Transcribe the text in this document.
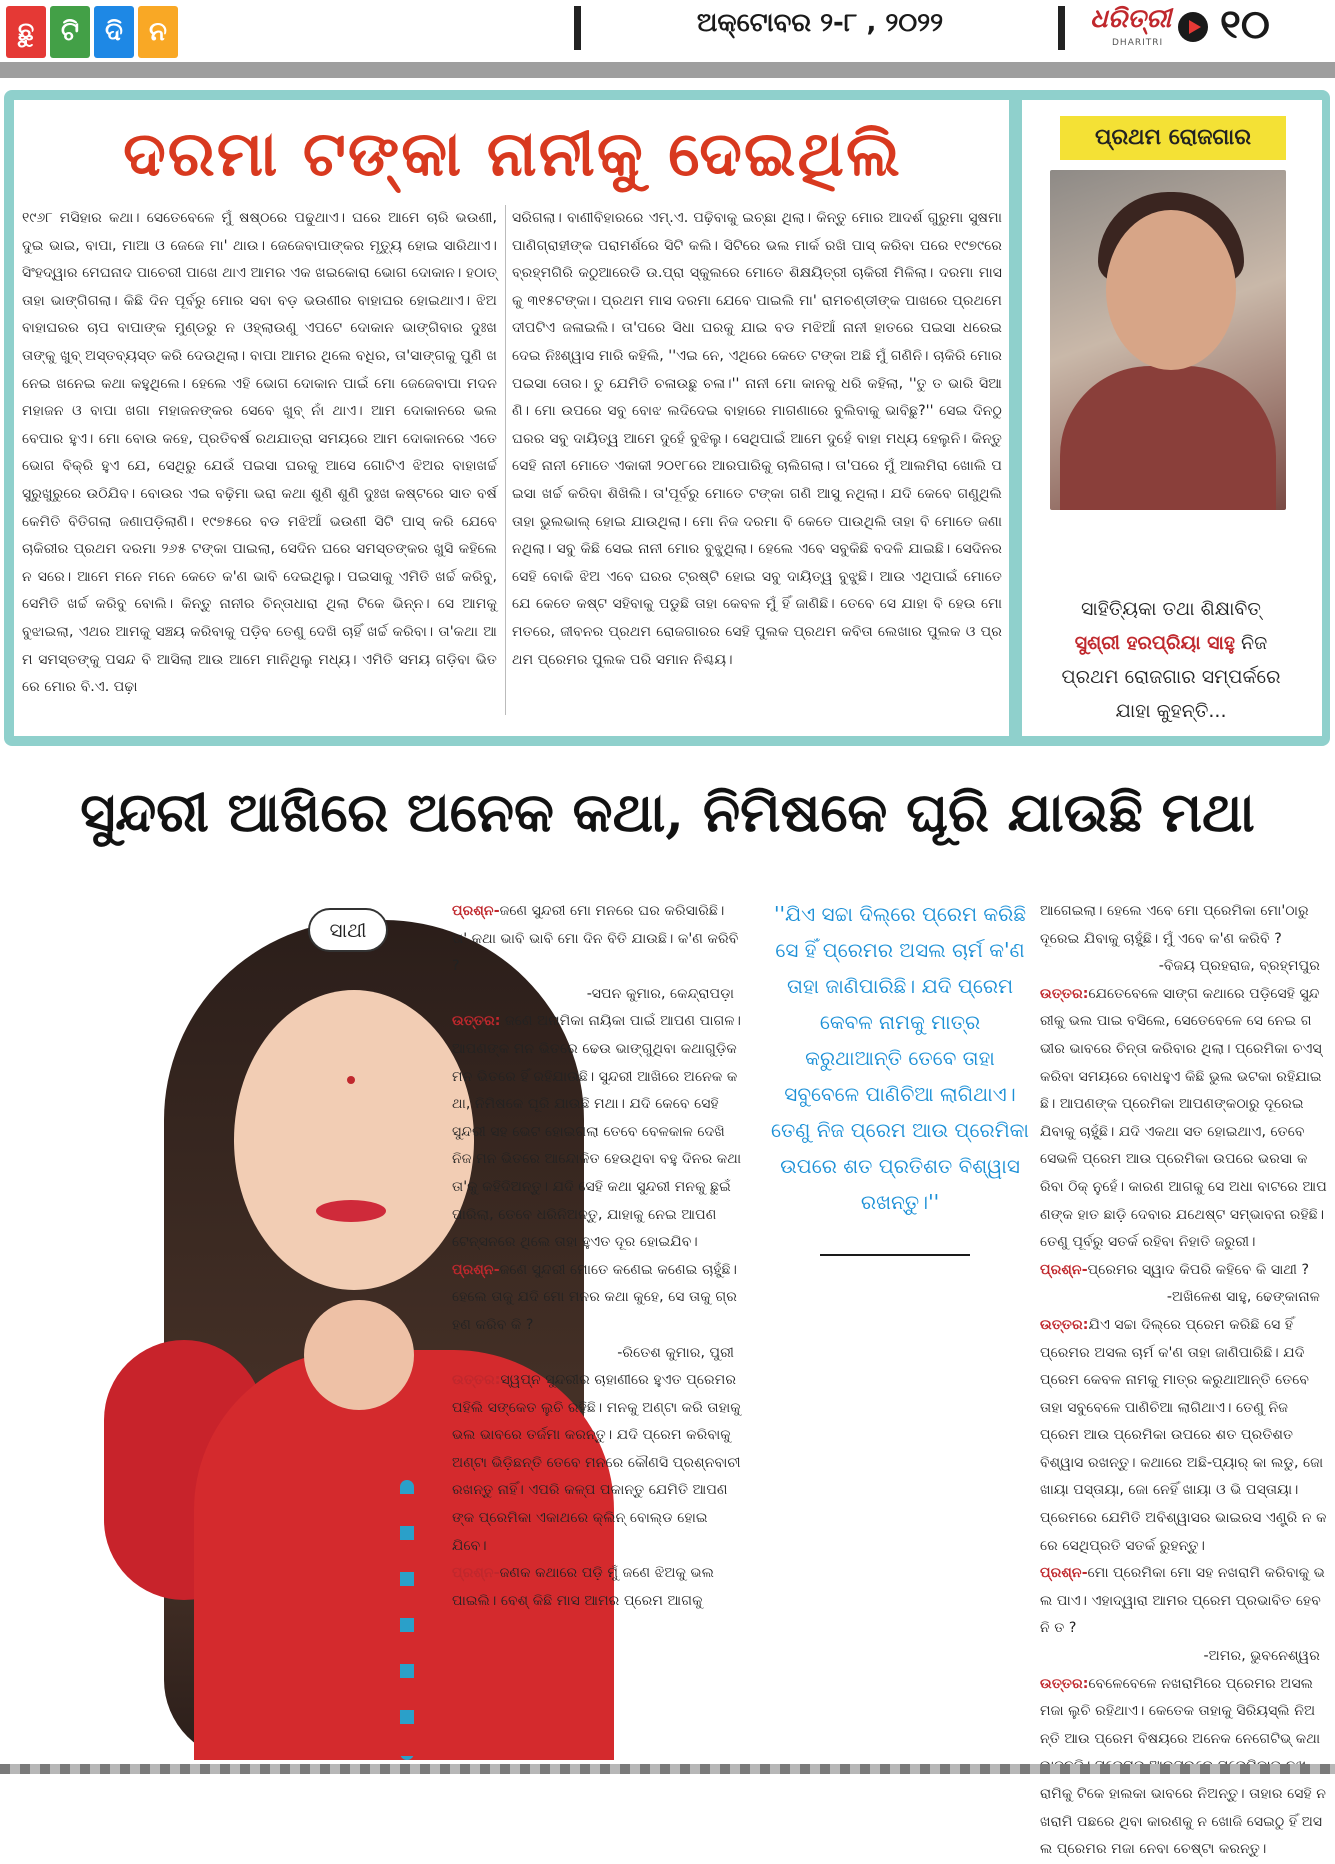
ଛୁ	ଟି	ଦି	ନ	ଅକ୍ଟୋବର ୨-୮ , ୨୦୨୨	ଧରିତ୍ରୀ
DHARITRI ୧୦
ଦରମା ଟଙ୍କା ନାନୀକୁ ଦେଇଥିଲି
୧୯୬୮ ମସିହାର କଥା। ସେତେବେଳେ ମୁଁ ଷଷ୍ଠରେ ପଢୁଥାଏ। ଘରେ ଆମେ ଚାରି ଭଉଣୀ, ଦୁଇ ଭାଇ, ବାପା, ମାଆ ଓ ଜେଜେ ମା' ଥାଉ। ଜେଜେବାପାଙ୍କର ମୃତ୍ୟୁ ହୋଇ ସାରିଥାଏ। ସିଂହଦ୍ୱାର ମେଘନାଦ ପାଚେରୀ ପାଖେ ଥାଏ ଆମର ଏକ ଖଇକୋରା ଭୋଗ ଦୋକାନ। ହଠାତ୍ ତାହା ଭାଙ୍ଗିଗଲା। କିଛି ଦିନ ପୂର୍ବରୁ ମୋର ସବା ବଡ଼ ଭଉଣୀର ବାହାଘର ହୋଇଥାଏ। ଝିଅ ବାହାଘରର ଚାପ ବାପାଙ୍କ ମୁଣ୍ଡରୁ ନ ଓହ୍ଲାଉଣୁ ଏପଟେ ଦୋକାନ ଭାଙ୍ଗିବାର ଦୁଃଖ ତାଙ୍କୁ ଖୁବ୍ ଅସ୍ତବ୍ୟସ୍ତ କରି ଦେଉଥିଲା। ବାପା ଆମର ଥିଲେ ବଧିର, ତା'ସାଙ୍ଗକୁ ପୁଣି ଖନେଇ ଖନେଇ କଥା କହୁଥିଲେ। ହେଲେ ଏହି ଭୋଗ ଦୋକାନ ପାଇଁ ମୋ ଜେଜେବାପା ମଦନ ମହାଜନ ଓ ବାପା ଖଗା ମହାଜନଙ୍କର ସେବେ ଖୁବ୍ ନାଁ ଥାଏ। ଆମ ଦୋକାନରେ ଭଲ ବେପାର ହୁଏ। ମୋ ବୋଉ କହେ, ପ୍ରତିବର୍ଷ ରଥଯାତ୍ରା ସମୟରେ ଆମ ଦୋକାନରେ ଏତେ ଭୋଗ ବିକ୍ରି ହୁଏ ଯେ, ସେଥିରୁ ଯେଉଁ ପଇସା ଘରକୁ ଆସେ ଗୋଟିଏ ଝିଅର ବାହାଖର୍ଚ୍ଚ ସୁରୁଖୁରୁରେ ଉଠିଯିବ। ବୋଉର ଏଇ ବଢ଼ିମା ଭରା କଥା ଶୁଣି ଶୁଣି ଦୁଃଖ କଷ୍ଟରେ ସାତ ବର୍ଷ କେମିତି ବିତିଗଲା ଜଣାପଡ଼ିଲାଣି। ୧୯୭୫ରେ ବଡ ମଝିଆଁ ଭଉଣୀ ସିଟି ପାସ୍ କରି ଯେବେ ଚାକିରୀର ପ୍ରଥମ ଦରମା ୨୬୫ ଟଙ୍କା ପାଇଲା, ସେଦିନ ଘରେ ସମସ୍ତଙ୍କର ଖୁସି କହିଲେ ନ ସରେ। ଆମେ ମନେ ମନେ କେତେ କ'ଣ ଭାବି ଦେଇଥିଲୁ। ପଇସାକୁ ଏମିତି ଖର୍ଚ୍ଚ କରିବୁ, ସେମିତି ଖର୍ଚ୍ଚ କରିବୁ ବୋଲି। କିନ୍ତୁ ନାନୀର ଚିନ୍ତାଧାରା ଥିଲା ଟିକେ ଭିନ୍ନ। ସେ ଆମକୁ ବୁଝାଇଲା, ଏଥର ଆମକୁ ସଞ୍ଚୟ କରିବାକୁ ପଡ଼ିବ ତେଣୁ ଦେଖି ଚାହିଁ ଖର୍ଚ୍ଚ କରିବା। ତା'କଥା ଆମ ସମସ୍ତଙ୍କୁ ପସନ୍ଦ ବି ଆସିଲା ଆଉ ଆମେ ମାନିଥିଲୁ ମଧ୍ୟ। ଏମିତି ସମୟ ଗଡ଼ିବା ଭିତରେ ମୋର ବି.ଏ. ପଢ଼ା
ସରିଗଲା। ବାଣୀବିହାରରେ ଏମ୍.ଏ. ପଢ଼ିବାକୁ ଇଚ୍ଛା ଥିଲା। କିନ୍ତୁ ମୋର ଆଦର୍ଶ ଗୁରୁମା ସୁଷମା ପାଣିଗ୍ରାହୀଙ୍କ ପରାମର୍ଶରେ ସିଟି କଲି। ସିଟିରେ ଭଲ ମାର୍କ ରଖି ପାସ୍ କରିବା ପରେ ୧୯୭୯ରେ ବ୍ରହ୍ମଗିରି କଠୁଆରେଡି ଉ.ପ୍ରା ସ୍କୁଲରେ ମୋତେ ଶିକ୍ଷୟିତ୍ରୀ ଚାକିରୀ ମିଳିଲା। ଦରମା ମାସକୁ ୩୧୫ଟଙ୍କା। ପ୍ରଥମ ମାସ ଦରମା ଯେବେ ପାଇଲି ମା' ରାମଚଣ୍ଡୀଙ୍କ ପାଖରେ ପ୍ରଥମେ ଦୀପଟିଏ ଜଳାଇଲି। ତା'ପରେ ସିଧା ଘରକୁ ଯାଇ ବଡ ମଝିଆଁ ନାନୀ ହାତରେ ପଇସା ଧରେଇ ଦେଇ ନିଃଶ୍ୱାସ ମାରି କହିଲି, ''ଏଇ ନେ, ଏଥିରେ କେତେ ଟଙ୍କା ଅଛି ମୁଁ ଗଣିନି। ଚାକିରି ମୋର ପଇସା ତୋର। ତୁ ଯେମିତି ଚଳାଉଛୁ ଚଳା।'' ନାନୀ ମୋ କାନକୁ ଧରି କହିଲା, ''ତୁ ତ ଭାରି ସିଆଣି। ମୋ ଉପରେ ସବୁ ବୋଝ ଲଦିଦେଇ ବାହାରେ ମାଗଣାରେ ବୁଲିବାକୁ ଭାବିଛୁ?'' ସେଇ ଦିନଠୁ ଘରର ସବୁ ଦାୟିତ୍ୱ ଆମେ ଦୁହେଁ ବୁଝିଲୁ। ସେଥିପାଇଁ ଆମେ ଦୁହେଁ ବାହା ମଧ୍ୟ ହେଲୁନି। କିନ୍ତୁ ସେହି ନାନୀ ମୋତେ ଏକାକୀ ୨୦୧୮ରେ ଆରପାରିକୁ ଚାଲିଗଲା। ତା'ପରେ ମୁଁ ଆଲମିରା ଖୋଲି ପଇସା ଖର୍ଚ୍ଚ କରିବା ଶିଖିଲି। ତା'ପୂର୍ବରୁ ମୋତେ ଟଙ୍କା ଗଣି ଆସୁ ନଥିଲା। ଯଦି କେବେ ଗଣୁଥିଲି ତାହା ଭୁଲଭାଲ୍ ହୋଇ ଯାଉଥିଲା। ମୋ ନିଜ ଦରମା ବି କେତେ ପାଉଥିଲି ତାହା ବି ମୋତେ ଜଣା ନଥିଲା। ସବୁ କିଛି ସେଇ ନାନୀ ମୋର ବୁଝୁଥିଲା। ହେଲେ ଏବେ ସବୁକିଛି ବଦଳି ଯାଇଛି। ସେଦିନର ସେହି ବୋକି ଝିଅ ଏବେ ଘରର ଟ୍ରଷ୍ଟି ହୋଇ ସବୁ ଦାୟିତ୍ୱ ବୁଝୁଛି। ଆଉ ଏଥିପାଇଁ ମୋତେ ଯେ କେତେ କଷ୍ଟ ସହିବାକୁ ପଡୁଛି ତାହା କେବଳ ମୁଁ ହିଁ ଜାଣିଛି। ତେବେ ସେ ଯାହା ବି ହେଉ ମୋ ମତରେ, ଜୀବନର ପ୍ରଥମ ରୋଜଗାରର ସେହି ପୁଲକ ପ୍ରଥମ କବିତା ଲେଖାର ପୁଲକ ଓ ପ୍ରଥମ ପ୍ରେମର ପୁଲକ ପରି ସମାନ ନିଶ୍ଚୟ।
ପ୍ରଥମ ରୋଜଗାର
ସାହିତ୍ୟିକା ତଥା ଶିକ୍ଷାବିତ୍
ସୁଶ୍ରୀ ହରପ୍ରିୟା ସାହୁ ନିଜ ପ୍ରଥମ ରୋଜଗାର ସମ୍ପର୍କରେ ଯାହା କୁହନ୍ତି...
ସୁନ୍ଦରୀ ଆଖିରେ ଅନେକ କଥା, ନିମିଷକେ ଘୂରି ଯାଉଛି ମଥା
ସାଥୀ

ପ୍ରଶ୍ନ-ଜଣେ ସୁନ୍ଦରୀ ମୋ ମନରେ ଘର କରିସାରିଛି। ତା' କଥା ଭାବି ଭାବି ମୋ ଦିନ ବିତି ଯାଉଛି। କ'ଣ କରିବି ?

-ସପନ କୁମାର, କେନ୍ଦ୍ରାପଡ଼ା

ଉତ୍ତର: ଜଣେ ଅନାମିକା ନାୟିକା ପାଇଁ ଆପଣ ପାଗଳ। ଆପଣଙ୍କ ମନ ଭିତରେ ଢେଉ ଭାଙ୍ଗୁଥିବା କଥାଗୁଡ଼ିକ ମନ ଭିତରେ ହିଁ ରହିଯାଉଛି। ସୁନ୍ଦରୀ ଆଖିରେ ଅନେକ କଥା, ନିମିଷକେ ଘୂରି ଯାଉଛି ମଥା। ଯଦି କେବେ ସେହି ସୁନ୍ଦରୀ ସହ ଭେଟ ହୋଇଗଲା ତେବେ ବେଳକାଳ ଦେଖି ନିଜ ମନ ଭିତରେ ଆନ୍ଦୋଳିତ ହେଉଥିବା ବହୁ ଦିନର କଥା ତା'କୁ କହିଦିଅନ୍ତୁ। ଯଦି ସେହି କଥା ସୁନ୍ଦରୀ ମନକୁ ଛୁଇଁ ପାରିଲା, ତେବେ ଧରିନିଅନ୍ତୁ, ଯାହାକୁ ନେଇ ଆପଣ ଟେନ୍‌ସନରେ ଥିଲେ ତାହା ହୁଏତ ଦୂର ହୋଇଯିବ।

ପ୍ରଶ୍ନ-ଜଣେ ସୁନ୍ଦରୀ ମୋତେ କଣେଇ କଣେଇ ଚାହୁଁଛି। ହେଲେ ତାକୁ ଯଦି ମୋ ମନର କଥା କୁହେ, ସେ ତାକୁ ଗ୍ରହଣ କରିବ କି ?

-ରିତେଶ କୁମାର, ପୁରୀ

ଉତ୍ତର:ସ୍ୱପ୍ନ ସୁନ୍ଦରୀର ଚାହାଣୀରେ ହୁଏତ ପ୍ରେମର ପହିଲି ସଙ୍କେତ ଲୁଚି ରହିଛି। ମନକୁ ଅଣ୍ଟା କରି ତାହାକୁ ଭଲ ଭାବରେ ତର୍ଜମା କରନ୍ତୁ। ଯଦି ପ୍ରେମ କରିବାକୁ ଅଣ୍ଟା ଭିଡ଼ିଛନ୍ତି ତେବେ ମନରେ କୌଣସି ପ୍ରଶ୍ନବାଚୀ ରଖନ୍ତୁ ନାହିଁ। ଏପରି କଳ୍ପ ପକାନ୍ତୁ ଯେମିତି ଆପଣଙ୍କ ପ୍ରେମିକା ଏକାଥରେ କ୍ଲିନ୍ ବୋଲ୍ଡ ହୋଇଯିବେ।

ପ୍ରଶ୍ନ-ଜଣକ କଥାରେ ପଡ଼ି ମୁଁ ଜଣେ ଝିଅକୁ ଭଲ ପାଇଲି। ବେଶ୍ କିଛି ମାସ ଆମର ପ୍ରେମ ଆଗକୁ

''ଯିଏ ସଚ୍ଚା ଦିଲ୍‌ରେ ପ୍ରେମ କରିଛି ସେ ହିଁ ପ୍ରେମର ଅସଲ ଚାର୍ମ କ'ଣ ତାହା ଜାଣିପାରିଛି। ଯଦି ପ୍ରେମ କେବଳ ନାମକୁ ମାତ୍ର କରୁଥାଆନ୍ତି ତେବେ ତାହା ସବୁବେଳେ ପାଣିଚିଆ ଲାଗିଥାଏ। ତେଣୁ ନିଜ ପ୍ରେମ ଆଉ ପ୍ରେମିକା ଉପରେ ଶତ ପ୍ରତିଶତ ବିଶ୍ୱାସ ରଖନ୍ତୁ।''

ଆଗେଇଲା। ହେଲେ ଏବେ ମୋ ପ୍ରେମିକା ମୋ'ଠାରୁ ଦୂରେଇ ଯିବାକୁ ଚାହୁଁଛି। ମୁଁ ଏବେ କ'ଣ କରିବି ?

-ବିଜୟ ପ୍ରହରାଜ, ବ୍ରହ୍ମପୁର

ଉତ୍ତର:ଯେତେବେଳେ ସାଙ୍ଗ କଥାରେ ପଡ଼ିସେହି ସୁନ୍ଦରୀକୁ ଭଲ ପାଇ ବସିଲେ, ସେତେବେଳେ ସେ ନେଇ ଗଭୀର ଭାବରେ ଚିନ୍ତା କରିବାର ଥିଲା। ପ୍ରେମିକା ଚଏସ୍ କରିବା ସମୟରେ ବୋଧହୁଏ କିଛି ଭୁଲ ଭଟକା ରହିଯାଇଛି। ଆପଣଙ୍କ ପ୍ରେମିକା ଆପଣଙ୍କଠାରୁ ଦୂରେଇ ଯିବାକୁ ଚାହୁଁଛି। ଯଦି ଏକଥା ସତ ହୋଇଥାଏ, ତେବେ ସେଭଳି ପ୍ରେମ ଆଉ ପ୍ରେମିକା ଉପରେ ଭରସା କରିବା ଠିକ୍ ନୁହେଁ। କାରଣ ଆଗକୁ ସେ ଅଧା ବାଟରେ ଆପଣଙ୍କ ହାତ ଛାଡ଼ି ଦେବାର ଯଥେଷ୍ଟ ସମ୍ଭାବନା ରହିଛି। ତେଣୁ ପୂର୍ବରୁ ସତର୍କ ରହିବା ନିହାତି ଜରୁରୀ।

ପ୍ରଶ୍ନ-ପ୍ରେମର ସ୍ୱାଦ କିପରି କହିବେ କି ସାଥୀ ?

-ଅଖିଳେଶ ସାହୁ, ଢେଙ୍କାନାଳ

ଉତ୍ତର:ଯିଏ ସଚ୍ଚା ଦିଲ୍‌ରେ ପ୍ରେମ କରିଛି ସେ ହିଁ ପ୍ରେମର ଅସଲ ଚାର୍ମ କ'ଣ ତାହା ଜାଣିପାରିଛି। ଯଦି ପ୍ରେମ କେବଳ ନାମକୁ ମାତ୍ର କରୁଥାଆନ୍ତି ତେବେ ତାହା ସବୁବେଳେ ପାଣିଚିଆ ଲାଗିଥାଏ। ତେଣୁ ନିଜ ପ୍ରେମ ଆଉ ପ୍ରେମିକା ଉପରେ ଶତ ପ୍ରତିଶତ ବିଶ୍ୱାସ ରଖନ୍ତୁ। କଥାରେ ଅଛି-ପ୍ୟାର୍ କା ଲଡୁ, ଜୋ ଖାୟା ପସ୍ତାୟା, ଜୋ ନେହିଁ ଖାୟା ଓ ଭି ପସ୍ତାୟା। ପ୍ରେମରେ ଯେମିତି ଅବିଶ୍ୱାସର ଭାଇରସ ଏଣ୍ଟ୍ରି ନ କରେ ସେଥିପ୍ରତି ସତର୍କ ରୁହନ୍ତୁ।

ପ୍ରଶ୍ନ-ମୋ ପ୍ରେମିକା ମୋ ସହ ନଖରାମି କରିବାକୁ ଭଲ ପାଏ। ଏହାଦ୍ୱାରା ଆମର ପ୍ରେମ ପ୍ରଭାବିତ ହେବନି ତ ?

-ଅମର, ଭୁବନେଶ୍ୱର

ଉତ୍ତର:ବେଳେବେଳେ ନଖରାମିରେ ପ୍ରେମର ଅସଲ ମଜା ଲୁଚି ରହିଥାଏ। କେତେକ ତାହାକୁ ସିରିୟସ୍‌ଲି ନିଅନ୍ତି ଆଉ ପ୍ରେମ ବିଷୟରେ ଅନେକ ନେଗେଟିଭ୍ କଥା ରାମିକୁ ଟିକେ ହାଲକା ଭାବରେ ନିଅନ୍ତୁ। ତାହାର ସେହି ନଖରାମି ପଛରେ ଥିବା କାରଣକୁ ନ ଖୋଜି ସେଇଠୁ ହିଁ ଅସଲ ପ୍ରେମର ମଜା ନେବା ଚେଷ୍ଟା କରନ୍ତୁ।
